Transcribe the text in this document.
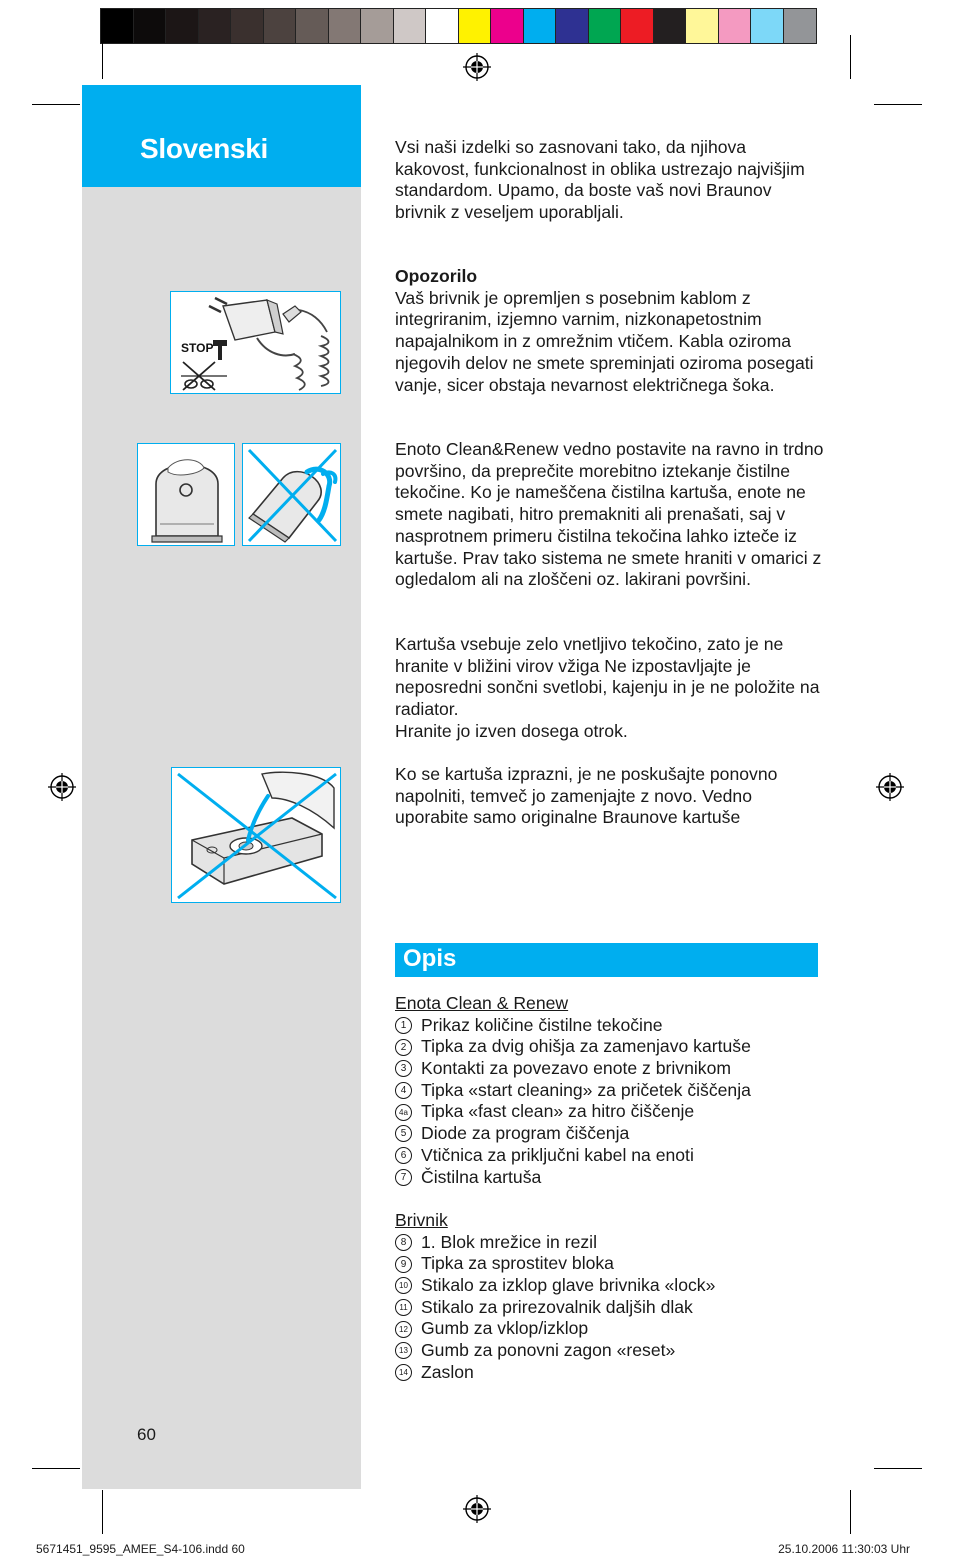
Slovenski
STOP
Vsi naši izdelki so zasnovani tako, da njihova kakovost, funkcionalnost in oblika ustrezajo najvišjim standardom. Upamo, da boste vaš novi Braunov brivnik z veseljem uporabljali.

Opozorilo

Vaš brivnik je opremljen s posebnim kablom z integriranim, izjemno varnim, nizkonapetostnim napajalnikom in z omrežnim vtičem. Kabla oziroma njegovih delov ne smete spreminjati oziroma posegati vanje, sicer obstaja nevarnost električnega šoka.

Enoto Clean&Renew vedno postavite na ravno in trdno površino, da preprečite morebitno iztekanje čistilne tekočine. Ko je nameščena čistilna kartuša, enote ne smete nagibati, hitro premakniti ali prenašati, saj v nasprotnem primeru čistilna tekočina lahko izteče iz kartuše. Prav tako sistema ne smete hraniti v omarici z ogledalom ali na zloščeni oz. lakirani površini.

Kartuša vsebuje zelo vnetljivo tekočino, zato je ne hranite v bližini virov vžiga Ne izpostavljajte je neposredni sončni svetlobi, kajenju in je ne položite na radiator.

Hranite jo izven dosega otrok.

Ko se kartuša izprazni, je ne poskušajte ponovno napolniti, temveč jo zamenjajte z novo. Vedno uporabite samo originalne Braunove kartuše
Opis
Enota Clean & Renew
1 Prikaz količine čistilne tekočine
2 Tipka za dvig ohišja za zamenjavo kartuše
3 Kontakti za povezavo enote z brivnikom
4 Tipka «start cleaning» za pričetek čiščenja
4a Tipka «fast clean» za hitro čiščenje
5 Diode za program čiščenja
6 Vtičnica za priključni kabel na enoti
7 Čistilna kartuša
Brivnik
8 1. Blok mrežice in rezil
9 Tipka za sprostitev bloka
10 Stikalo za izklop glave brivnika «lock»
11 Stikalo za prirezovalnik daljših dlak
12 Gumb za vklop/izklop
13 Gumb za ponovni zagon «reset»
14 Zaslon
60
5671451_9595_AMEE_S4-106.indd 60	25.10.2006 11:30:03 Uhr
